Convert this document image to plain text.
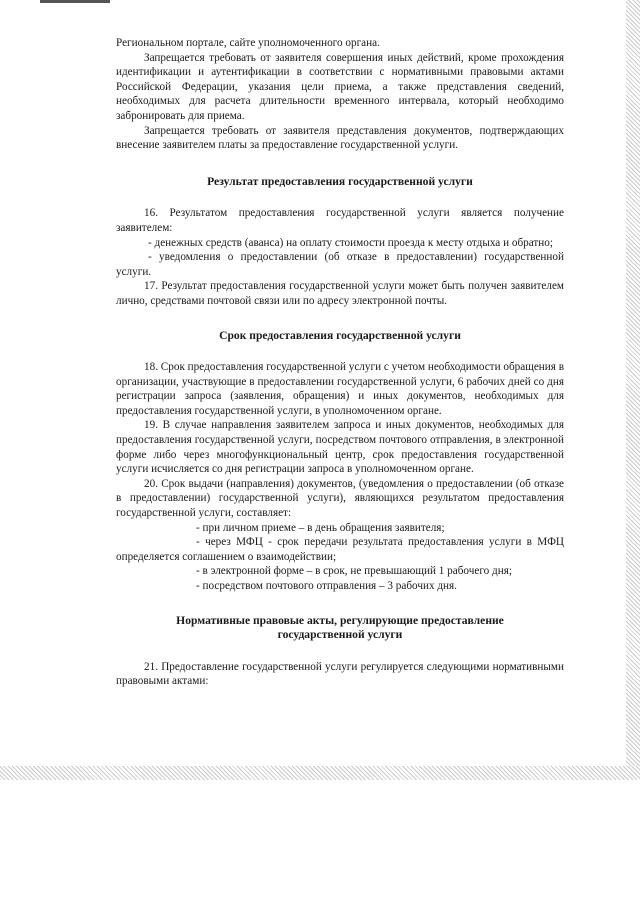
Региональном портале, сайте уполномоченного органа.

Запрещается требовать от заявителя совершения иных действий, кроме прохождения идентификации и аутентификации в соответствии с нормативными правовыми актами Российской Федерации, указания цели приема, а также представления сведений, необходимых для расчета длительности временного интервала, который необходимо забронировать для приема.

Запрещается требовать от заявителя представления документов, подтверждающих внесение заявителем платы за предоставление государственной услуги.

Результат предоставления государственной услуги

16. Результатом предоставления государственной услуги является получение заявителем:

- денежных средств (аванса) на оплату стоимости проезда к месту отдыха и обратно;

- уведомления о предоставлении (об отказе в предоставлении) государственной услуги.

17. Результат предоставления государственной услуги может быть получен заявителем лично, средствами почтовой связи или по адресу электронной почты.

Срок предоставления государственной услуги

18. Срок предоставления государственной услуги с учетом необходимости обращения в организации, участвующие в предоставлении государственной услуги, 6 рабочих дней со дня регистрации запроса (заявления, обращения) и иных документов, необходимых для предоставления государственной услуги, в уполномоченном органе.

19. В случае направления заявителем запроса и иных документов, необходимых для предоставления государственной услуги, посредством почтового отправления, в электронной форме либо через многофункциональный центр, срок предоставления государственной услуги исчисляется со дня регистрации запроса в уполномоченном органе.

20. Срок выдачи (направления) документов, (уведомления о предоставлении (об отказе в предоставлении) государственной услуги), являющихся результатом предоставления государственной услуги, составляет:

- при личном приеме – в день обращения заявителя;

- через МФЦ - срок передачи результата предоставления услуги в МФЦ определяется соглашением о взаимодействии;

- в электронной форме – в срок, не превышающий 1 рабочего дня;

- посредством почтового отправления – 3 рабочих дня.

Нормативные правовые акты, регулирующие предоставление

государственной услуги

21. Предоставление государственной услуги регулируется следующими нормативными правовыми актами:
